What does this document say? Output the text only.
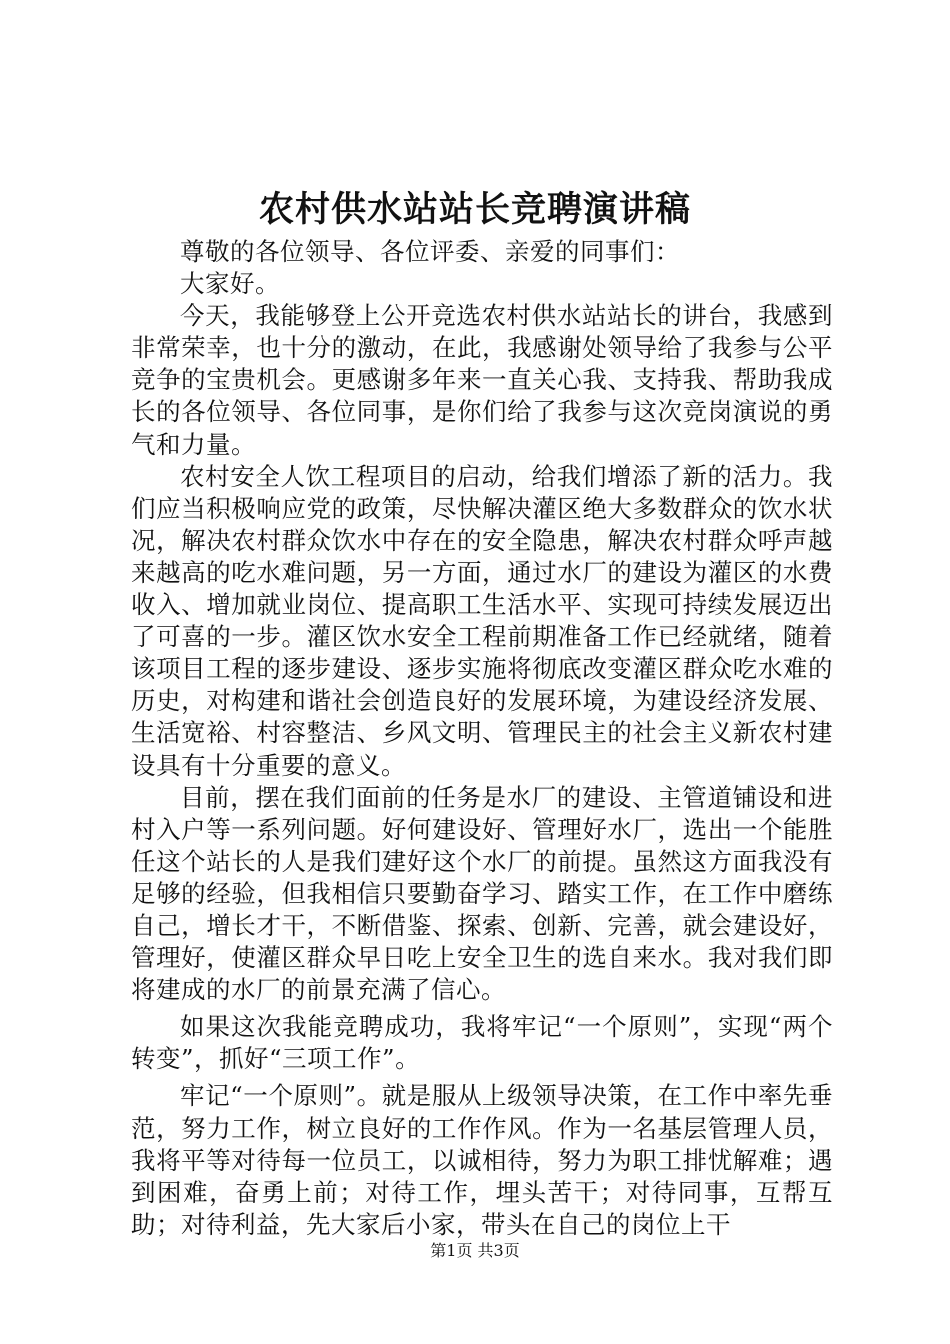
农村供水站站长竞聘演讲稿

尊敬的各位领导、各位评委、亲爱的同事们：

大家好。

今天，我能够登上公开竞选农村供水站站长的讲台，我感到非常荣幸，也十分的激动，在此，我感谢处领导给了我参与公平竞争的宝贵机会。更感谢多年来一直关心我、支持我、帮助我成长的各位领导、各位同事，是你们给了我参与这次竞岗演说的勇气和力量。

农村安全人饮工程项目的启动，给我们增添了新的活力。我们应当积极响应党的政策，尽快解决灌区绝大多数群众的饮水状况，解决农村群众饮水中存在的安全隐患，解决农村群众呼声越来越高的吃水难问题，另一方面，通过水厂的建设为灌区的水费收入、增加就业岗位、提高职工生活水平、实现可持续发展迈出了可喜的一步。灌区饮水安全工程前期准备工作已经就绪，随着该项目工程的逐步建设、逐步实施将彻底改变灌区群众吃水难的历史，对构建和谐社会创造良好的发展环境，为建设经济发展、生活宽裕、村容整洁、乡风文明、管理民主的社会主义新农村建设具有十分重要的意义。

目前，摆在我们面前的任务是水厂的建设、主管道铺设和进村入户等一系列问题。好何建设好、管理好水厂，选出一个能胜任这个站长的人是我们建好这个水厂的前提。虽然这方面我没有足够的经验，但我相信只要勤奋学习、踏实工作，在工作中磨练自己，增长才干，不断借鉴、探索、创新、完善，就会建设好，管理好，使灌区群众早日吃上安全卫生的选自来水。我对我们即将建成的水厂的前景充满了信心。

如果这次我能竞聘成功，我将牢记“一个原则”，实现“两个转变”，抓好“三项工作”。

牢记“一个原则”。就是服从上级领导决策，在工作中率先垂范，努力工作，树立良好的工作作风。作为一名基层管理人员，我将平等对待每一位员工，以诚相待，努力为职工排忧解难；遇到困难，奋勇上前；对待工作，埋头苦干；对待同事，互帮互助；对待利益，先大家后小家，带头在自己的岗位上干

第1页 共3页
